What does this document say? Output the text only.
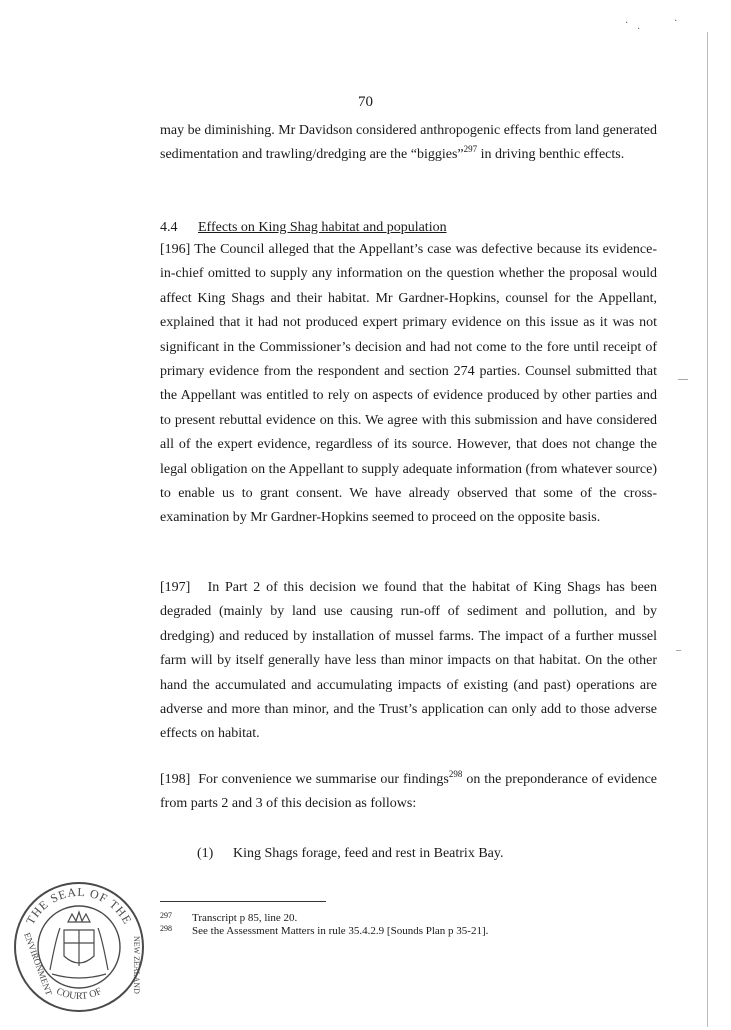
70

may be diminishing. Mr Davidson considered anthropogenic effects from land generated sedimentation and trawling/dredging are the “biggies”$^{297}$ in driving benthic effects.

4.4 Effects on King Shag habitat and population

[196] The Council alleged that the Appellant’s case was defective because its evidence-in-chief omitted to supply any information on the question whether the proposal would affect King Shags and their habitat. Mr Gardner-Hopkins, counsel for the Appellant, explained that it had not produced expert primary evidence on this issue as it was not significant in the Commissioner’s decision and had not come to the fore until receipt of primary evidence from the respondent and section 274 parties. Counsel submitted that the Appellant was entitled to rely on aspects of evidence produced by other parties and to present rebuttal evidence on this. We agree with this submission and have considered all of the expert evidence, regardless of its source. However, that does not change the legal obligation on the Appellant to supply adequate information (from whatever source) to enable us to grant consent. We have already observed that some of the cross-examination by Mr Gardner-Hopkins seemed to proceed on the opposite basis.

[197] In Part 2 of this decision we found that the habitat of King Shags has been degraded (mainly by land use causing run-off of sediment and pollution, and by dredging) and reduced by installation of mussel farms. The impact of a further mussel farm will by itself generally have less than minor impacts on that habitat. On the other hand the accumulated and accumulating impacts of existing (and past) operations are adverse and more than minor, and the Trust’s application can only add to those adverse effects on habitat.

[198] For convenience we summarise our findings$^{298}$ on the preponderance of evidence from parts 2 and 3 of this decision as follows:

(1) King Shags forage, feed and rest in Beatrix Bay.
297 Transcript p 85, line 20.
298 See the Assessment Matters in rule 35.4.2.9 [Sounds Plan p 35-21].
·
·
·
—
–
THE SEAL OF THE
COURT OF
ENVIRONMENT	NEW ZEALAND
